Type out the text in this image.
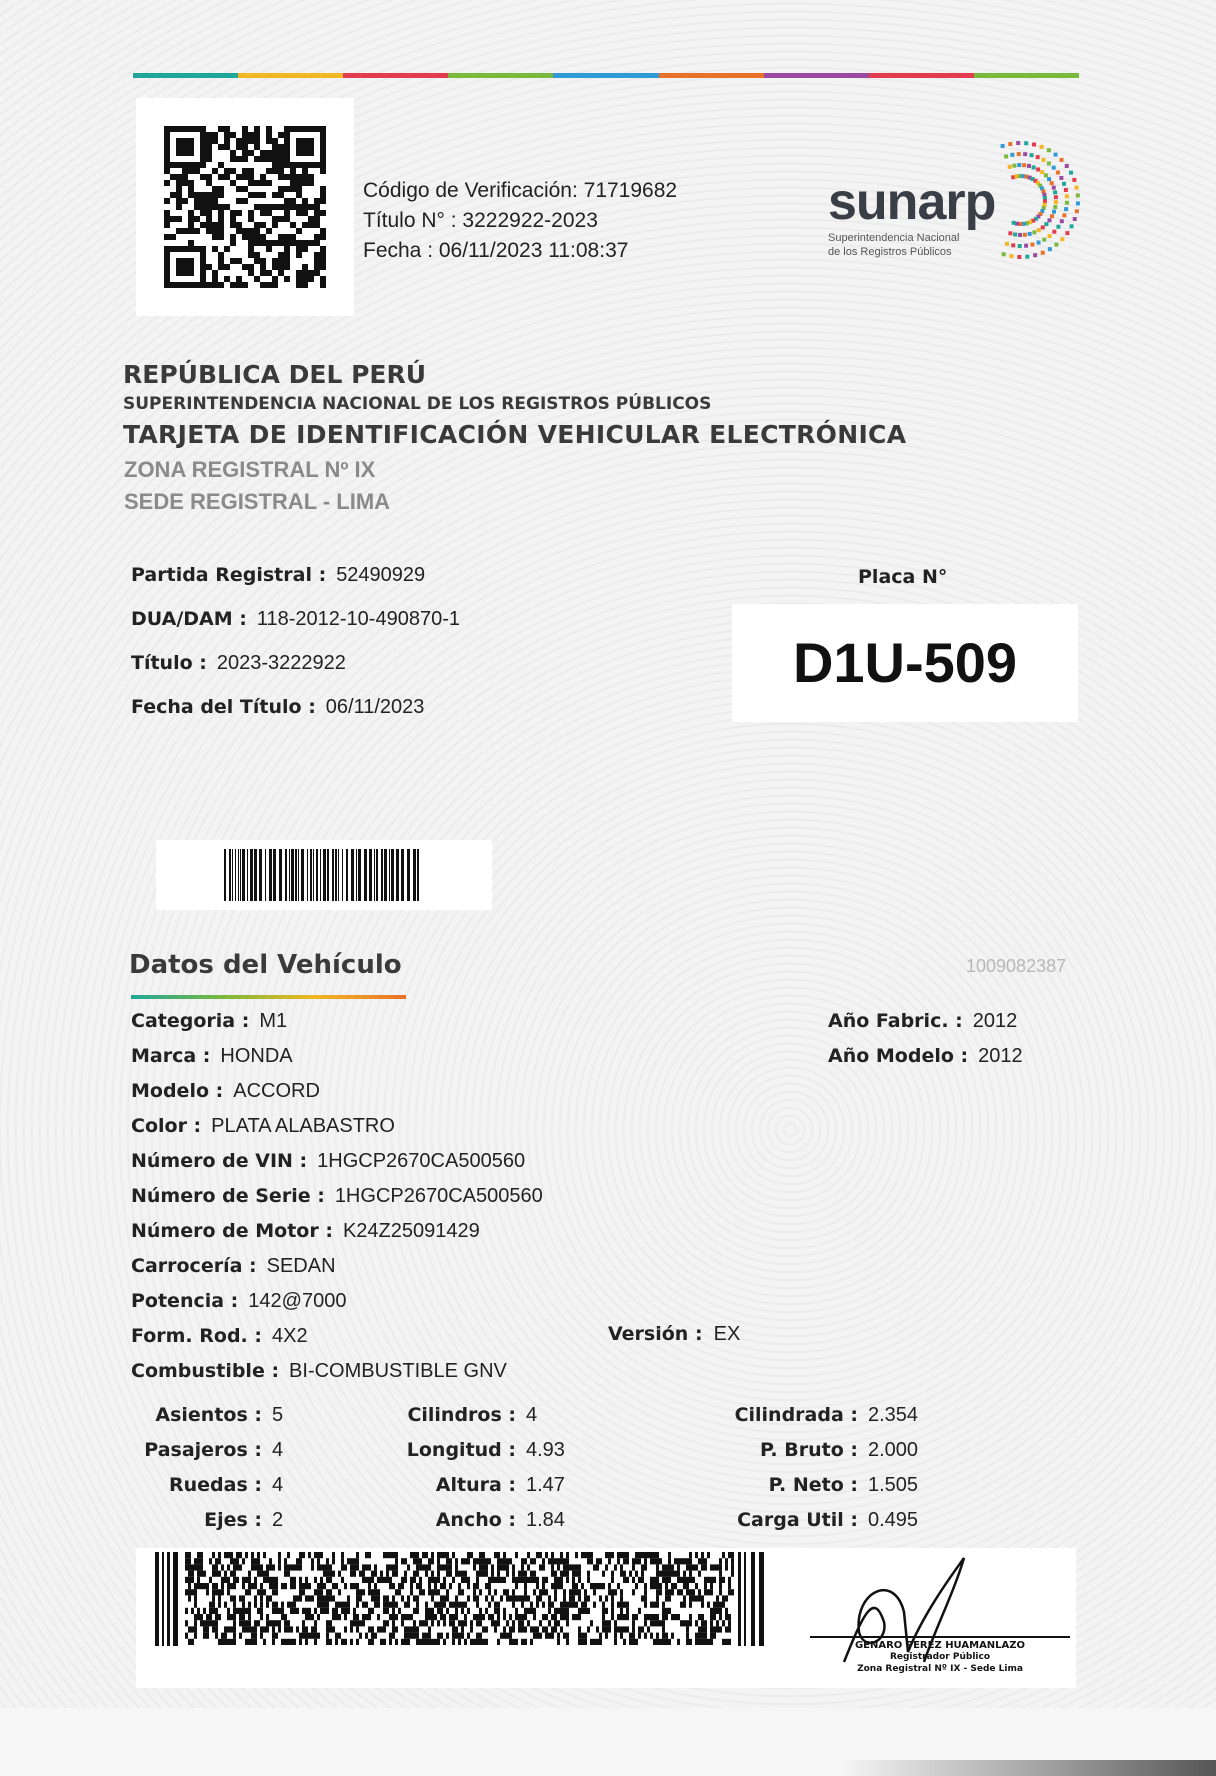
Código de Verificación: 71719682
Título N° : 3222922-2023
Fecha : 06/11/2023 11:08:37
sunarp
Superintendencia Nacional
de los Registros Públicos
REPÚBLICA DEL PERÚ
SUPERINTENDENCIA NACIONAL DE LOS REGISTROS PÚBLICOS
TARJETA DE IDENTIFICACIÓN VEHICULAR ELECTRÓNICA
ZONA REGISTRAL Nº IX
SEDE REGISTRAL - LIMA
Partida Registral : 52490929
DUA/DAM : 118-2012-10-490870-1
Título : 2023-3222922
Fecha del Título : 06/11/2023
Placa N°
D1U-509
1009082387
Datos del Vehículo
Categoria : M1
Marca : HONDA
Modelo : ACCORD
Color : PLATA ALABASTRO
Número de VIN : 1HGCP2670CA500560
Número de Serie : 1HGCP2670CA500560
Número de Motor : K24Z25091429
Carrocería : SEDAN
Potencia : 142@7000
Form. Rod. : 4X2
Combustible : BI-COMBUSTIBLE GNV
Año Fabric. : 2012
Año Modelo : 2012
Versión : EX
Asientos : 5
Pasajeros : 4
Ruedas : 4
Ejes : 2
Cilindros : 4
Longitud : 4.93
Altura : 1.47
Ancho : 1.84
Cilindrada : 2.354
P. Bruto : 2.000
P. Neto : 1.505
Carga Util : 0.495
GENARO PEREZ HUAMANLAZO
Registrador Público
Zona Registral Nº IX - Sede Lima
